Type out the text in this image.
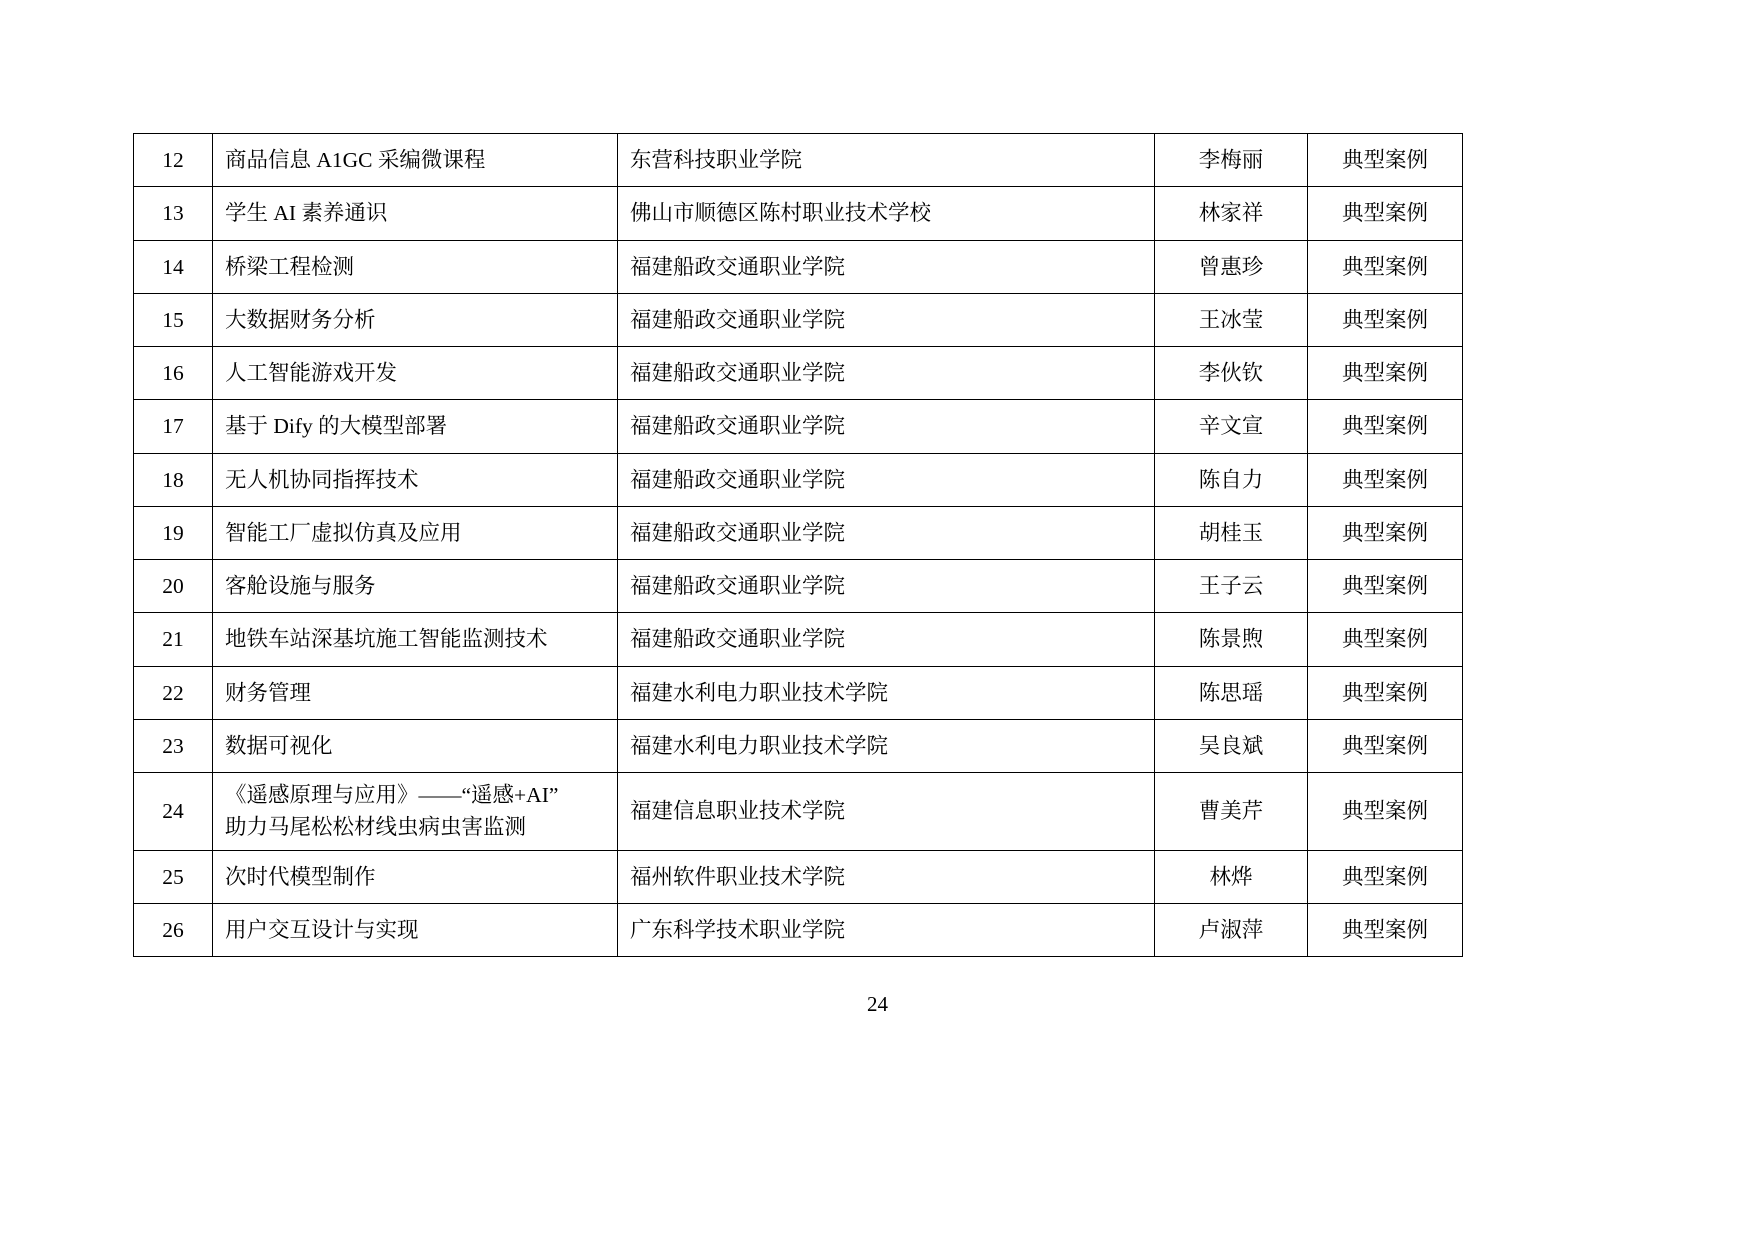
12	商品信息 A1GC 采编微课程	东营科技职业学院	李梅丽	典型案例
13	学生 AI 素养通识	佛山市顺德区陈村职业技术学校	林家祥	典型案例
14	桥梁工程检测	福建船政交通职业学院	曾惠珍	典型案例
15	大数据财务分析	福建船政交通职业学院	王冰莹	典型案例
16	人工智能游戏开发	福建船政交通职业学院	李伙钦	典型案例
17	基于 Dify 的大模型部署	福建船政交通职业学院	辛文宣	典型案例
18	无人机协同指挥技术	福建船政交通职业学院	陈自力	典型案例
19	智能工厂虚拟仿真及应用	福建船政交通职业学院	胡桂玉	典型案例
20	客舱设施与服务	福建船政交通职业学院	王子云	典型案例
21	地铁车站深基坑施工智能监测技术	福建船政交通职业学院	陈景煦	典型案例
22	财务管理	福建水利电力职业技术学院	陈思瑶	典型案例
23	数据可视化	福建水利电力职业技术学院	吴良斌	典型案例
24	《遥感原理与应用》——“遥感+AI”
助力马尾松松材线虫病虫害监测	福建信息职业技术学院	曹美芹	典型案例
25	次时代模型制作	福州软件职业技术学院	林烨	典型案例
26	用户交互设计与实现	广东科学技术职业学院	卢淑萍	典型案例
24
